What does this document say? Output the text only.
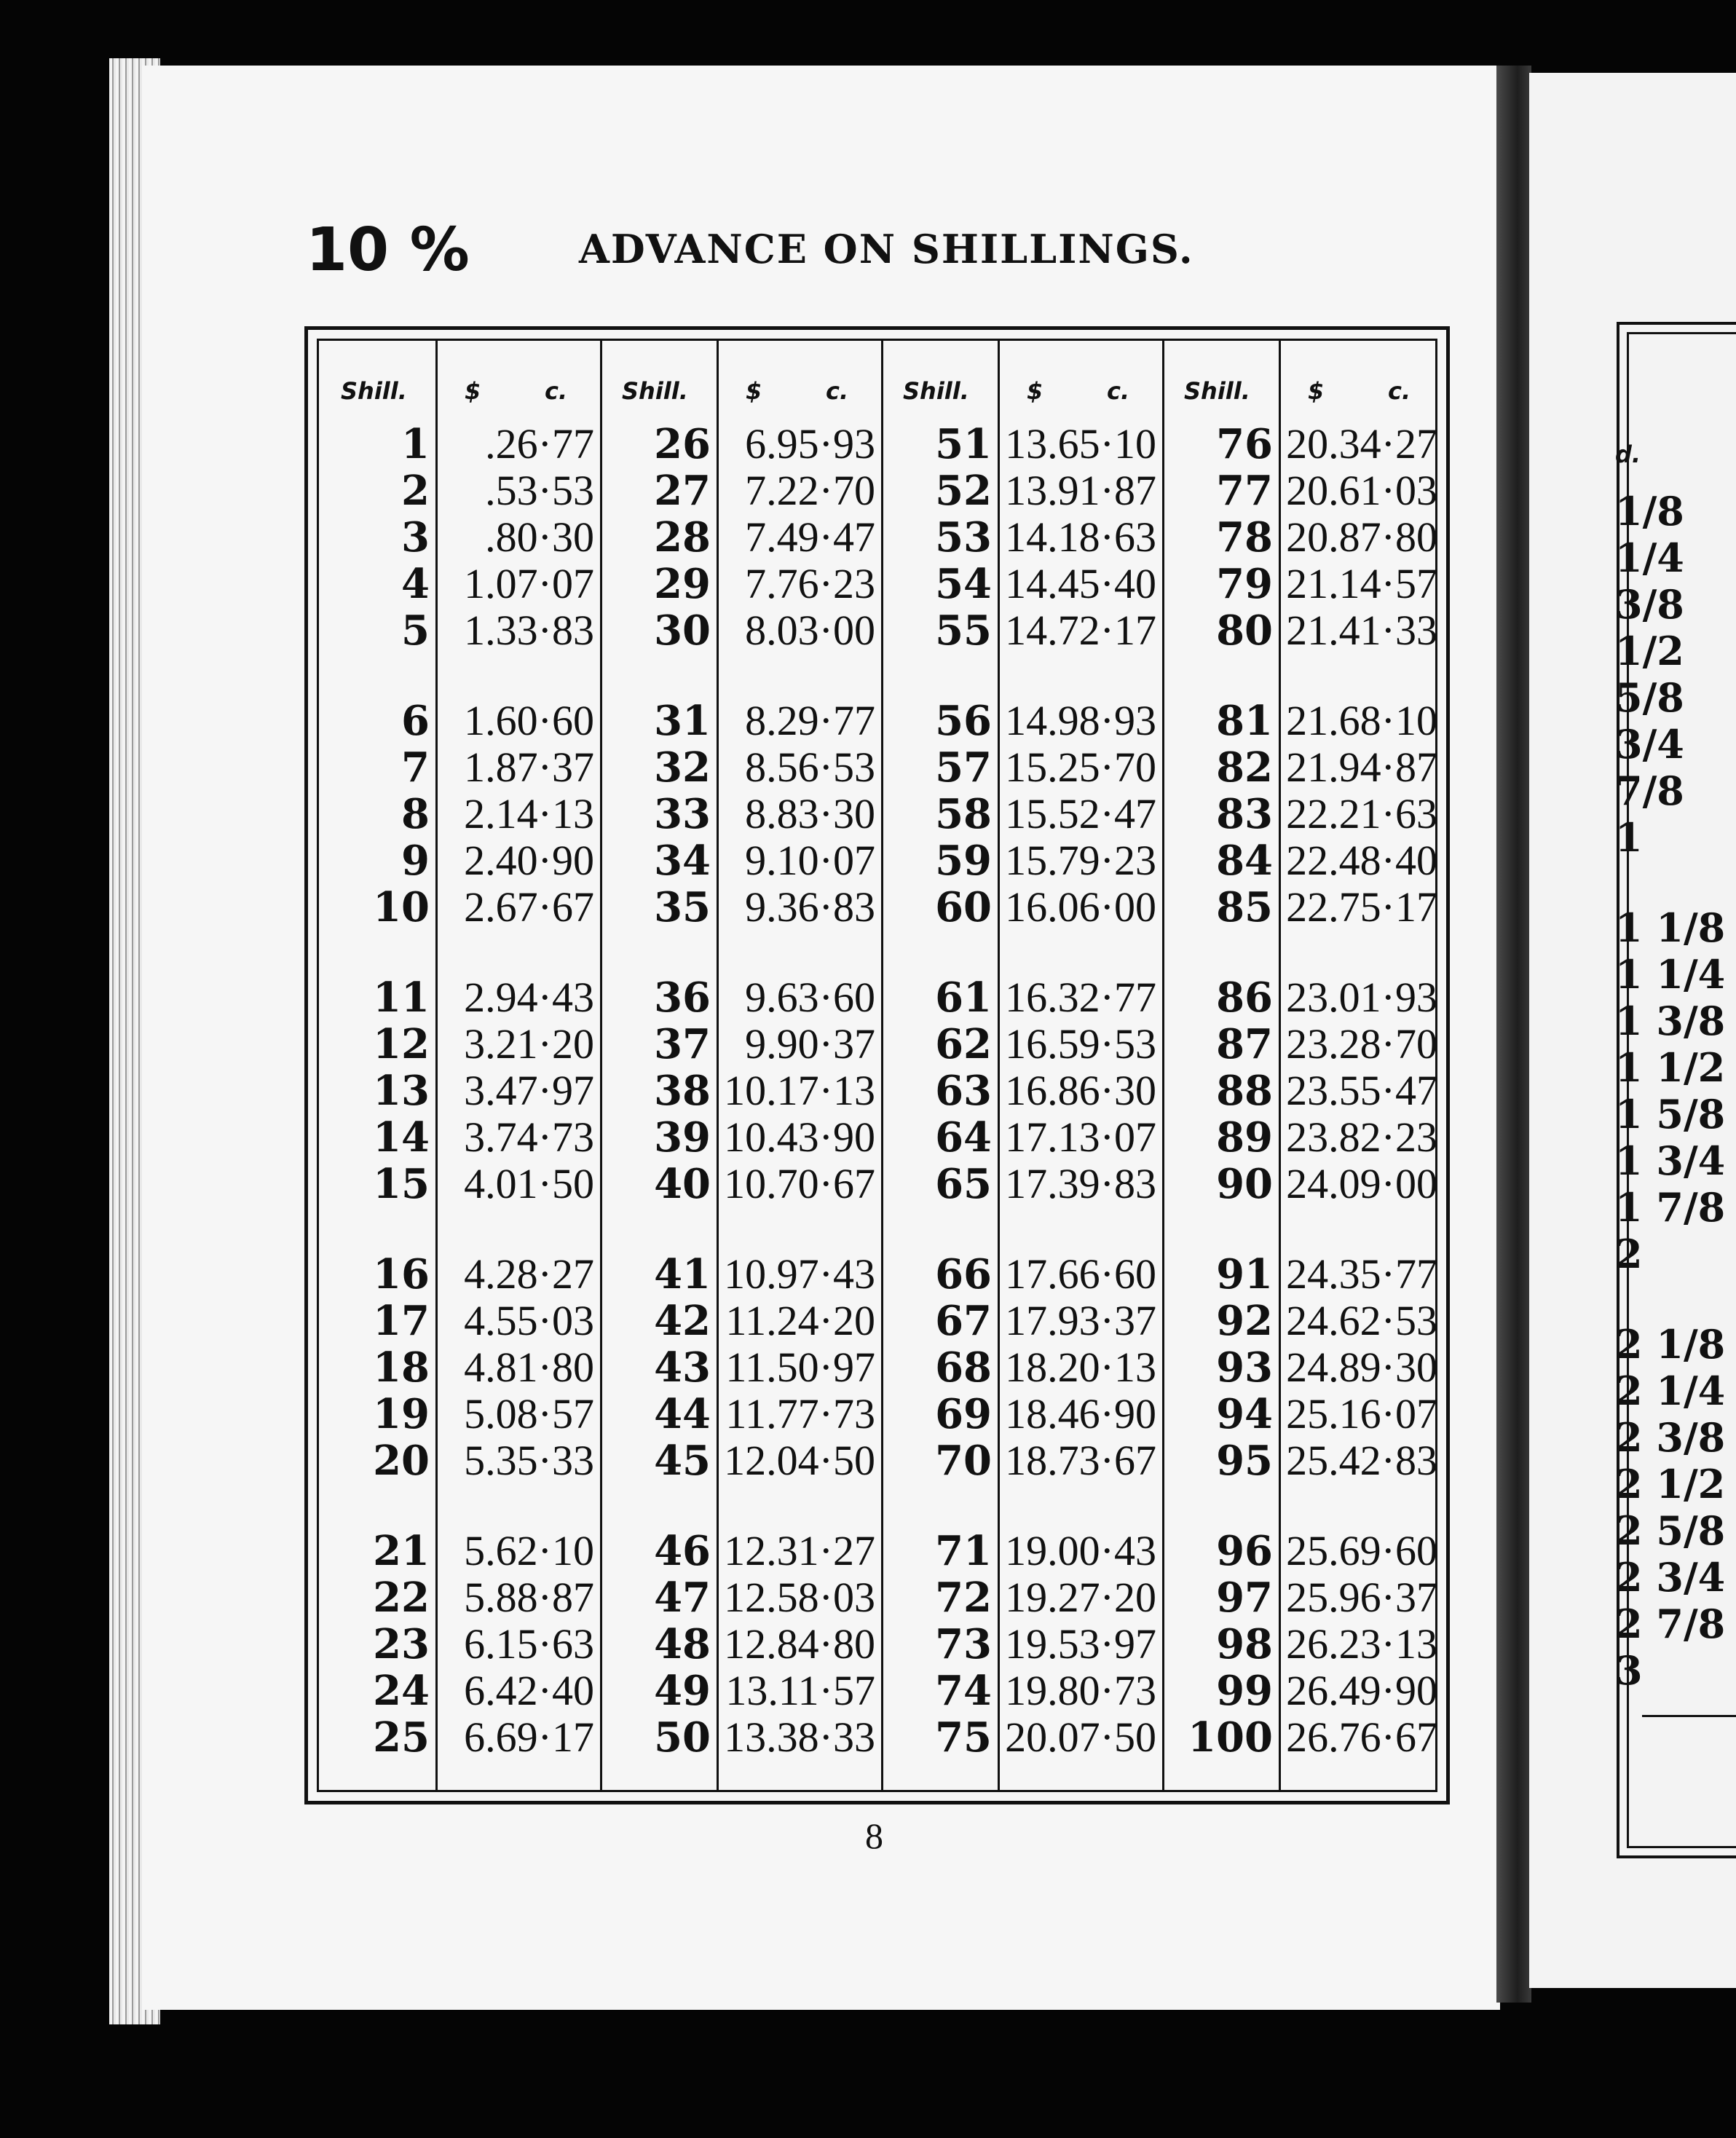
d.
1/8
1/4
3/8
1/2
5/8
3/4
7/8
1
1 1/8
1 1/4
1 3/8
1 1/2
1 5/8
1 3/4
1 7/8
2
2 1/8
2 1/4
2 3/8
2 1/2
2 5/8
2 3/4
2 7/8
3
10 %	ADVANCE ON SHILLINGS.
Shill. $	c.
1	.26·77
2	.53·53
3	.80·30
4 1.07·07
5 1.33·83
6 1.60·60
7 1.87·37
8 2.14·13
9 2.40·90
10 2.67·67
11 2.94·43
12 3.21·20
13 3.47·97
14 3.74·73
15 4.01·50
16 4.28·27
17 4.55·03
18 4.81·80
19 5.08·57
20 5.35·33
21 5.62·10
22 5.88·87
23 6.15·63
24 6.42·40
25 6.69·17
Shill. $	c.
26 6.95·93
27 7.22·70
28 7.49·47
29 7.76·23
30 8.03·00
31 8.29·77
32 8.56·53
33 8.83·30
34 9.10·07
35 9.36·83
36 9.63·60
37 9.90·37
38 10.17·13
39 10.43·90
40 10.70·67
41 10.97·43
42 11.24·20
43 11.50·97
44 11.77·73
45 12.04·50
46 12.31·27
47 12.58·03
48 12.84·80
49 13.11·57
50 13.38·33
Shill. $	c.
51 13.65·10
52 13.91·87
53 14.18·63
54 14.45·40
55 14.72·17
56 14.98·93
57 15.25·70
58 15.52·47
59 15.79·23
60 16.06·00
61 16.32·77
62 16.59·53
63 16.86·30
64 17.13·07
65 17.39·83
66 17.66·60
67 17.93·37
68 18.20·13
69 18.46·90
70 18.73·67
71 19.00·43
72 19.27·20
73 19.53·97
74 19.80·73
75 20.07·50
Shill. $	c.
76 20.34·27
77 20.61·03
78 20.87·80
79 21.14·57
80 21.41·33
81 21.68·10
82 21.94·87
83 22.21·63
84 22.48·40
85 22.75·17
86 23.01·93
87 23.28·70
88 23.55·47
89 23.82·23
90 24.09·00
91 24.35·77
92 24.62·53
93 24.89·30
94 25.16·07
95 25.42·83
96 25.69·60
97 25.96·37
98 26.23·13
99 26.49·90
100 26.76·67
8
